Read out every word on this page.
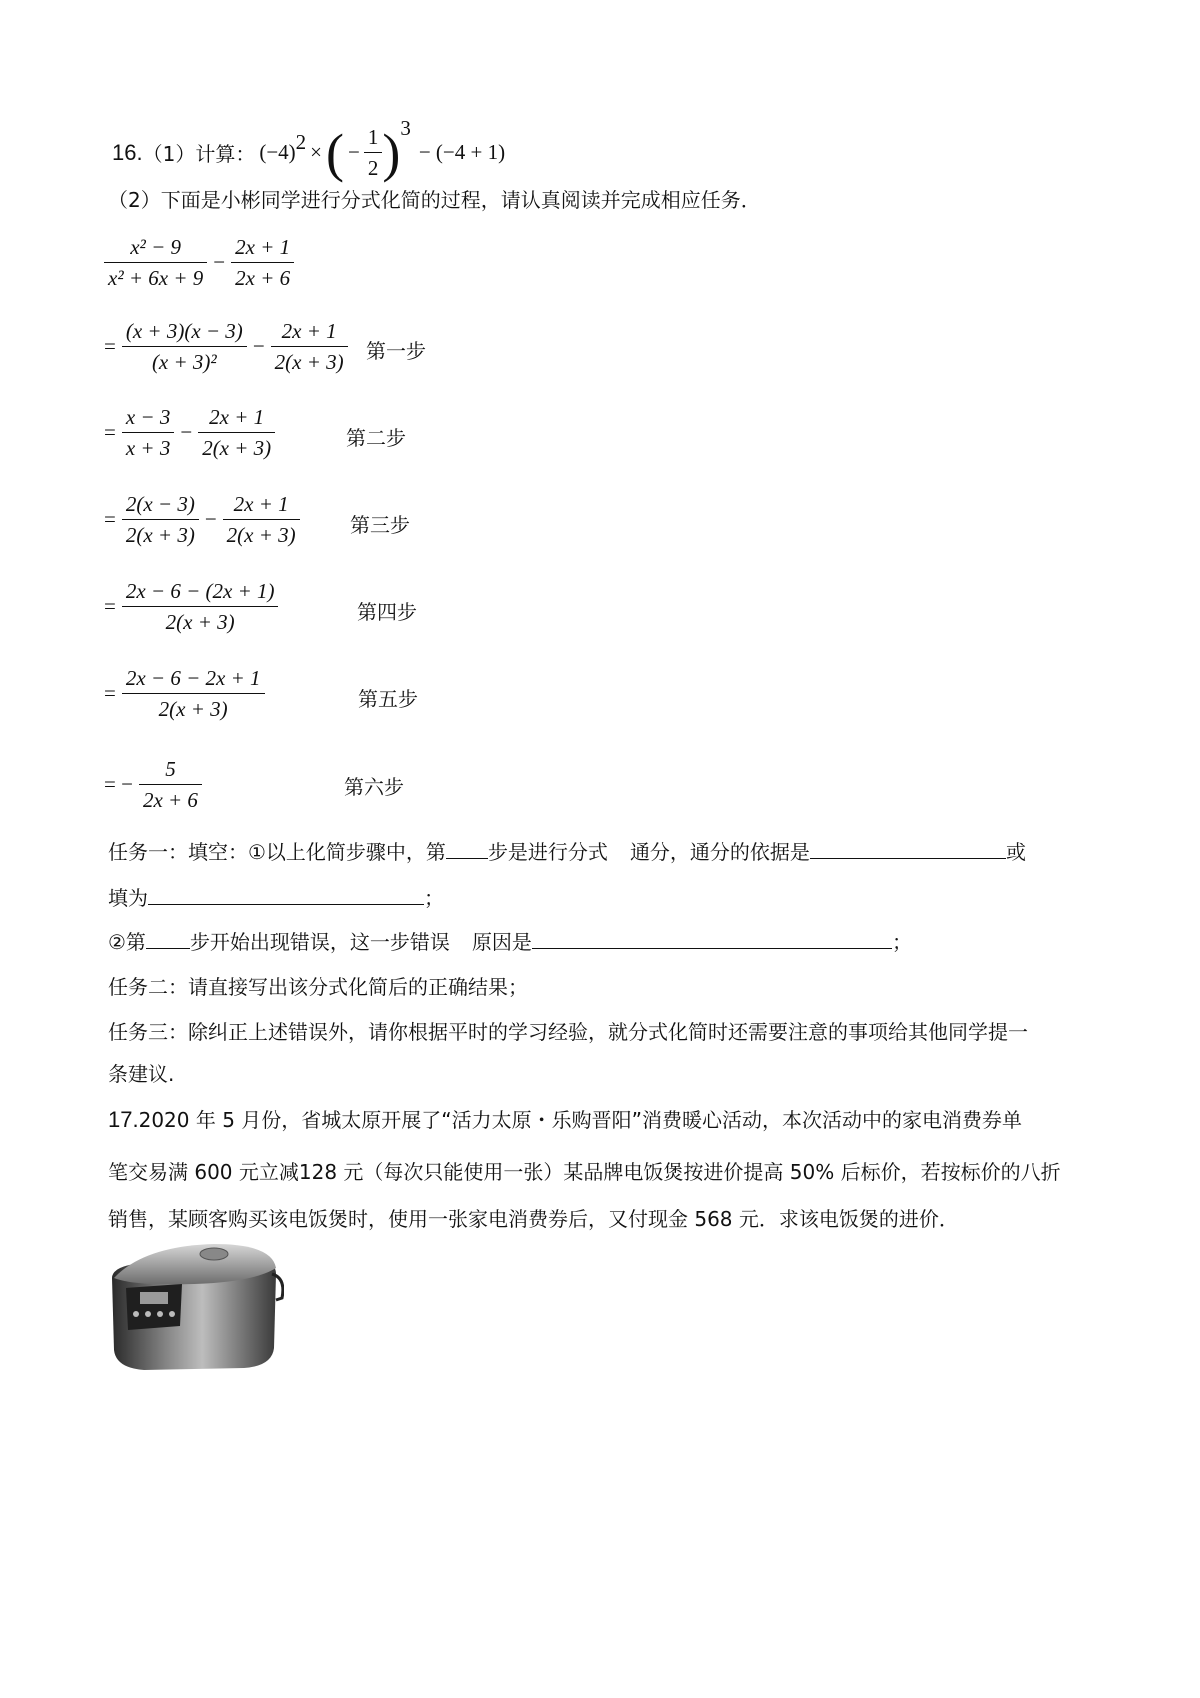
16. （1）计算： $(-4)^2$ × ( − $\frac{1}{2} )^3$
− (−4 + 1)
（2）下面是小彬同学进行分式化简的过程，请认真阅读并完成相应任务．
$\frac{\text{x² − 9}}{\text{x² + 6x + 9}} - \frac{2x + 1}{2x + 6}$
= $\frac{(x + 3)(x - 3)}{\text{(x + 3)²}} - \frac{2x + 1}{2(x + 3)}$ 第一步
= $\frac{x - 3}{x + 3} - \frac{2x + 1}{2(x + 3)}$	第二步
= $\frac{2(x - 3)}{2(x + 3)} - \frac{2x + 1}{2(x + 3)}$	第三步
= $\frac{2x - 6 - (2x + 1)}{2(x + 3)}$	第四步
= $\frac{2x - 6 - 2x + 1}{2(x + 3)}$	第五步
= − $\frac{5}{2x + 6}$	第六步
任务一：填空：①以上化简步骤中，第 步是进行分式 通分，通分的依据是	或
填为	；
②第 步开始出现错误，这一步错误 原因是	；
任务二：请直接写出该分式化简后的正确结果；
任务三：除纠正上述错误外，请你根据平时的学习经验，就分式化简时还需要注意的事项给其他同学提一
条建议.
17.2020 年 5 月份，省城太原开展了“活力太原・乐购晋阳”消费暖心活动，本次活动中的家电消费券单
笔交易满 600 元立减128 元（每次只能使用一张）某品牌电饭煲按进价提高 50% 后标价，若按标价的八折
销售，某顾客购买该电饭煲时，使用一张家电消费券后，又付现金 568 元．求该电饭煲的进价．
